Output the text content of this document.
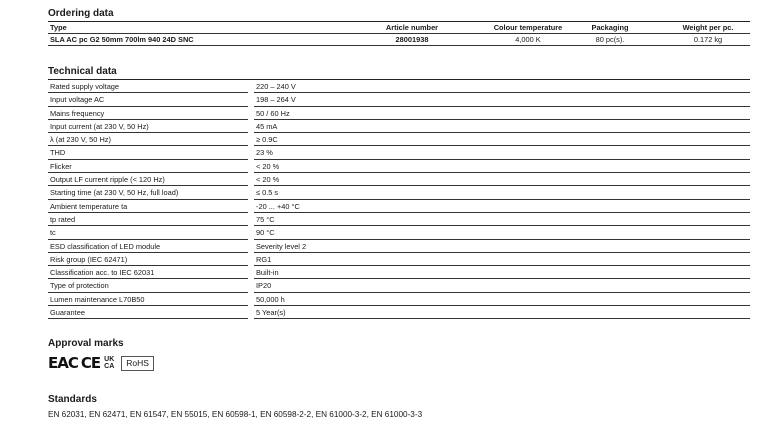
Ordering data
Type	Article number	Colour temperature	Packaging	Weight per pc.
SLA AC pc G2 50mm 700lm 940 24D SNC	28001938	4,000 K	80 pc(s).	0.172 kg
Technical data
Rated supply voltage	220 – 240 V
Input voltage AC	198 – 264 V
Mains frequency	50 / 60 Hz
Input current (at 230 V, 50 Hz)	45 mA
λ (at 230 V, 50 Hz)	≥ 0.9C
THD	23 %
Flicker	< 20 %
Output LF current ripple (< 120 Hz)	< 20 %
Starting time (at 230 V, 50 Hz, full load)	≤ 0.5 s
Ambient temperature ta	-20 ... +40 °C
tp rated	75 °C
tc	90 °C
ESD classification of LED module	Severity level 2
Risk group (IEC 62471)	RG1
Classification acc. to IEC 62031	Built-in
Type of protection	IP20
Lumen maintenance L70B50	50,000 h
Guarantee	5 Year(s)
Approval marks
EAC CE UK
CA	RoHS
Standards
EN 62031, EN 62471, EN 61547, EN 55015, EN 60598-1, EN 60598-2-2, EN 61000-3-2, EN 61000-3-3
